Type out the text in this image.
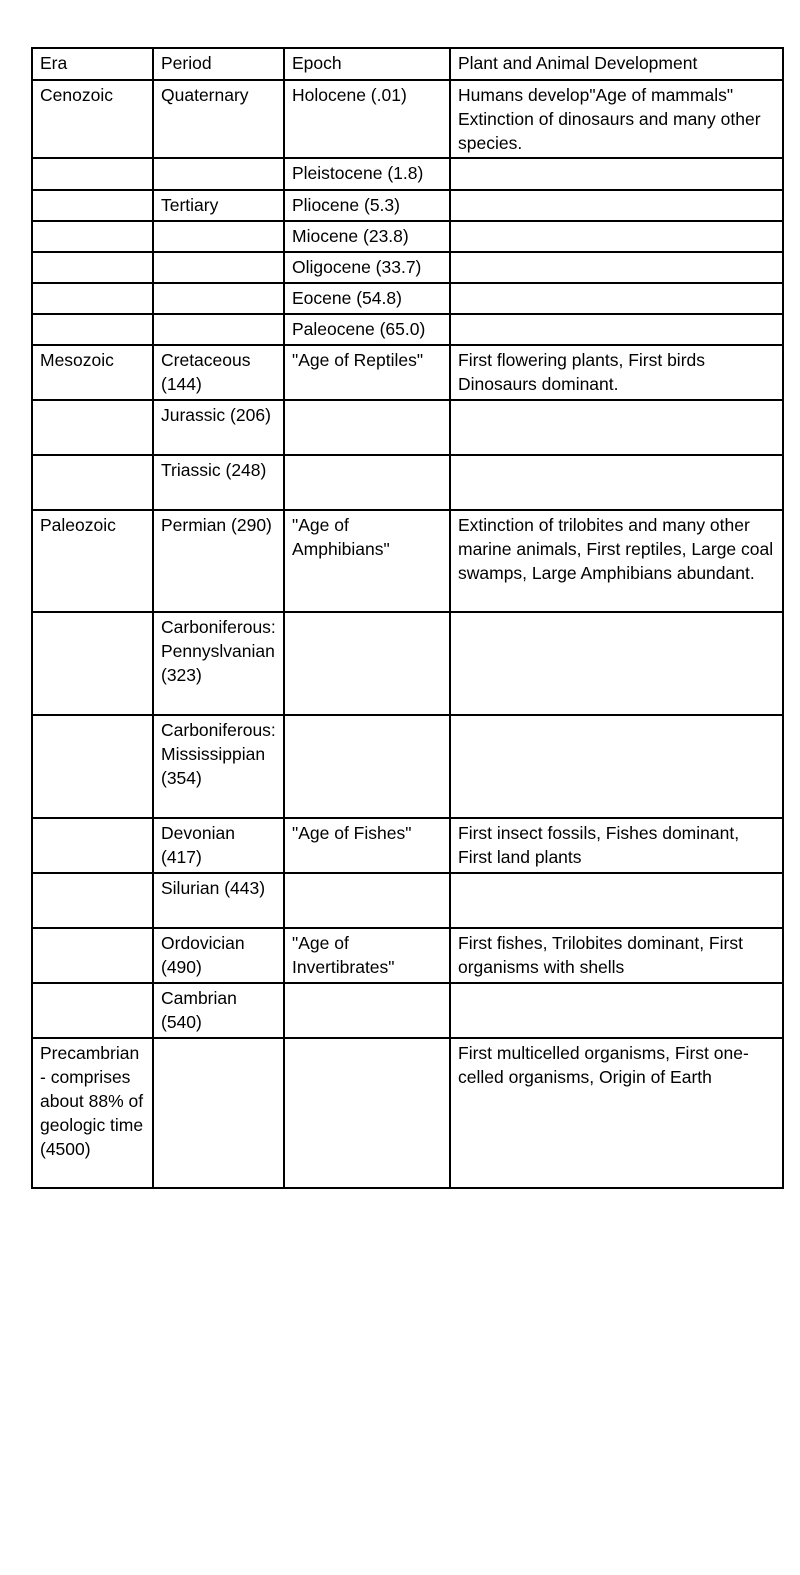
Era	Period	Epoch	Plant and Animal Development
Cenozoic	Quaternary	Holocene (.01)	Humans develop"Age of mammals" Extinction of dinosaurs and many other species.
		Pleistocene (1.8)	
	Tertiary	Pliocene (5.3)	
		Miocene (23.8)	
		Oligocene (33.7)	
		Eocene (54.8)	
		Paleocene (65.0)	
Mesozoic	Cretaceous (144)	"Age of Reptiles"	First flowering plants, First birds Dinosaurs dominant.
	Jurassic (206)		
	Triassic (248)		
Paleozoic	Permian (290)	"Age of Amphibians"	Extinction of trilobites and many other marine animals, First reptiles, Large coal swamps, Large Amphibians abundant.
	Carboniferous: Pennyslvanian (323)		
	Carboniferous: Mississippian (354)		
	Devonian (417)	"Age of Fishes"	First insect fossils, Fishes dominant, First land plants
	Silurian (443)		
	Ordovician (490)	"Age of Invertibrates"	First fishes, Trilobites dominant, First organisms with shells
	Cambrian (540)		
Precambrian - comprises about 88% of geologic time (4500)			First multicelled organisms, First one-celled organisms, Origin of Earth
